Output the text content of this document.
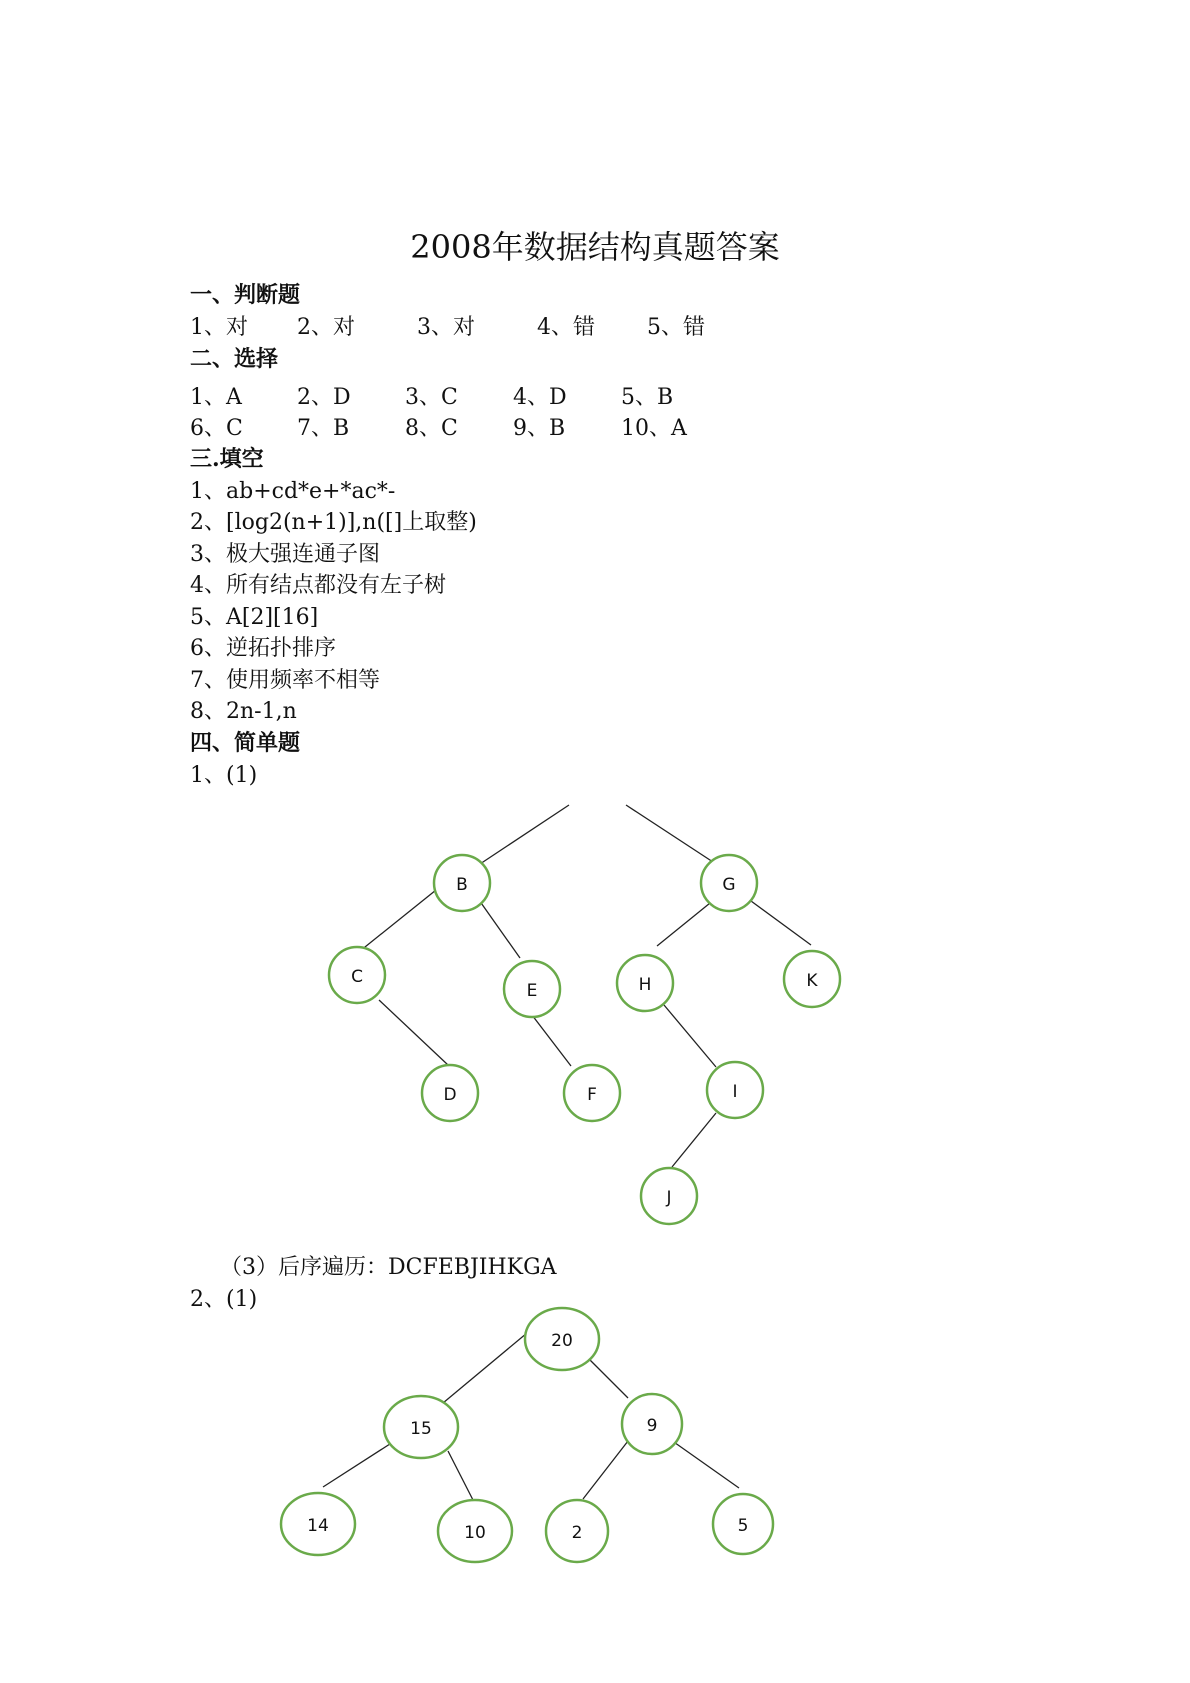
2008年数据结构真题答案
一、判断题
1、对 2、对	3、对	4、错 5、错
二、选择
1、A	2、D 3、C	4、D 5、B
6、C 7、B	8、C	9、B	10、A
三.填空
1、ab+cd*e+*ac*-
2、[log2(n+1)],n([]上取整)
3、极大强连通子图
4、所有结点都没有左子树
5、A[2][16]
6、逆拓扑排序
7、使用频率不相等
8、2n-1,n
四、简单题
1、(1)
（3）后序遍历：DCFEBJIHKGA
2、(1)
B	G
C
E	H	K
D	F	I
J
20
15	9
14	10	2	5
